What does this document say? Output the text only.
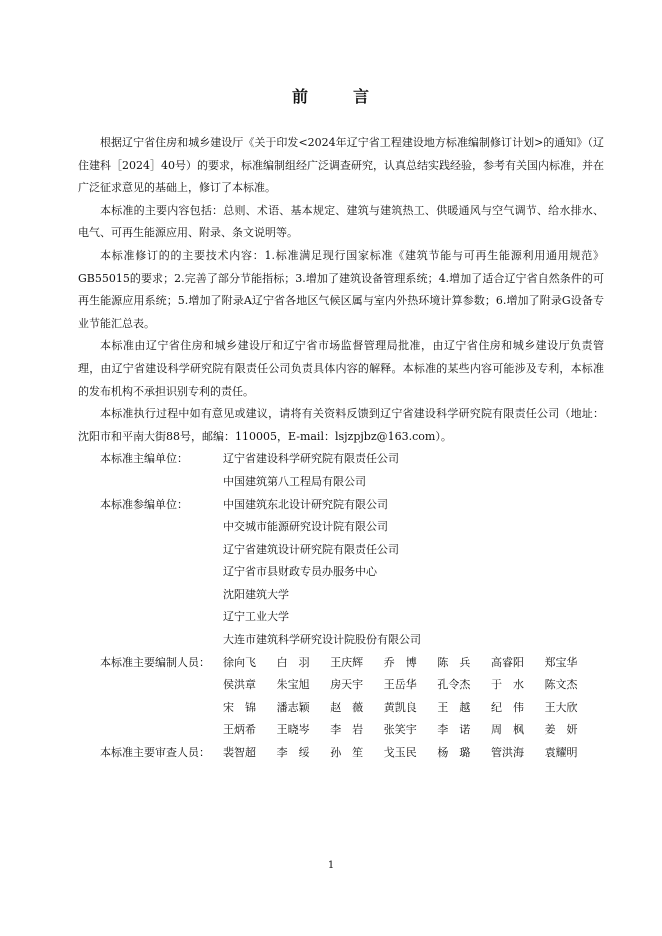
前	言

根据辽宁省住房和城乡建设厅《关于印发<2024年辽宁省工程建设地方标准编制修订计划>的通知》（辽住建科［2024］40号）的要求，标准编制组经广泛调查研究，认真总结实践经验，参考有关国内标准，并在广泛征求意见的基础上，修订了本标准。

本标准的主要内容包括：总则、术语、基本规定、建筑与建筑热工、供暖通风与空气调节、给水排水、电气、可再生能源应用、附录、条文说明等。

本标准修订的的主要技术内容：1.标准满足现行国家标准《建筑节能与可再生能源利用通用规范》GB55015的要求；2.完善了部分节能指标；3.增加了建筑设备管理系统；4.增加了适合辽宁省自然条件的可再生能源应用系统；5.增加了附录A辽宁省各地区气候区属与室内外热环境计算参数；6.增加了附录G设备专业节能汇总表。

本标准由辽宁省住房和城乡建设厅和辽宁省市场监督管理局批准，由辽宁省住房和城乡建设厅负责管理，由辽宁省建设科学研究院有限责任公司负责具体内容的解释。本标准的某些内容可能涉及专利，本标准的发布机构不承担识别专利的责任。

本标准执行过程中如有意见或建议，请将有关资料反馈到辽宁省建设科学研究院有限责任公司（地址：沈阳市和平南大街88号，邮编：110005，E-mail：lsjzpjbz@163.com）。

本标准主编单位：	辽宁省建设科学研究院有限责任公司
中国建筑第八工程局有限公司
本标准参编单位：	中国建筑东北设计研究院有限公司
中交城市能源研究设计院有限公司
辽宁省建筑设计研究院有限责任公司
辽宁省市县财政专员办服务中心
沈阳建筑大学
辽宁工业大学
大连市建筑科学研究设计院股份有限公司
本标准主要编制人员：	徐向飞	白　羽	王庆辉	乔　博	陈　兵	高睿阳	郑宝华
侯洪章	朱宝旭	房天宇	王岳华	孔令杰	于　水	陈文杰
宋　锦	潘志颖	赵　薇	黄凯良	王　越	纪　伟	王大欣
王炳希	王晓岑	李　岩	张笑宇	李　诺	周　枫	姜　妍
本标准主要审查人员：	裴智超	李　绥	孙　笙	戈玉民	杨　璐	管洪海	袁耀明
1
